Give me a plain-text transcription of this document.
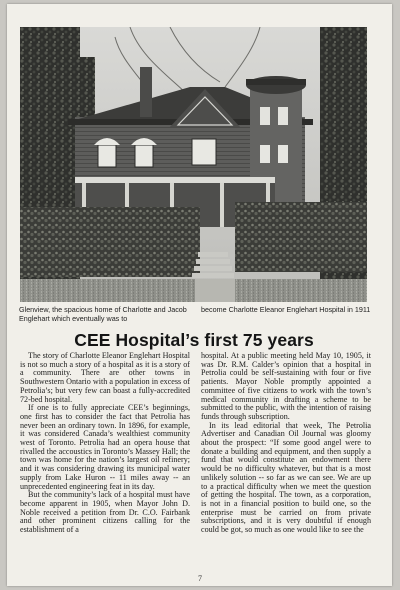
Glenview, the spacious home of Charlotte and Jacob Englehart which eventually was to
become Charlotte Eleanor Englehart Hospital in 1911
CEE Hospital’s first 75 years

The story of Charlotte Eleanor Englehart Hospital is not so much a story of a hospital as it is a story of a community. There are other towns in Southwestern Ontario with a population in excess of Petrolia’s; but very few can boast a fully-accredited 72-bed hospital.

If one is to fully appreciate CEE’s beginnings, one first has to consider the fact that Petrolia has never been an ordinary town. In 1896, for example, it was considered Canada’s wealthiest community west of Toronto. Petrolia had an opera house that rivalled the accoustics in Toronto’s Massey Hall; the town was home for the nation’s largest oil refinery; and it was considering drawing its municipal water supply from Lake Huron -- 11 miles away -- an unprecedented engineering feat in its day.

But the community’s lack of a hospital must have become apparent in 1905, when Mayor John D. Noble received a petition from Dr. C.O. Fairbank and other prominent citizens calling for the establishment of a

hospital. At a public meeting held May 10, 1905, it was Dr. R.M. Calder’s opinion that a hospital in Petrolia could be self-sustaining with four or five patients. Mayor Noble promptly appointed a committee of five citizens to work with the town’s medical community in drafting a scheme to be submitted to the public, with the intention of raising funds through subscription.

In its lead editorial that week, The Petrolia Advertiser and Canadian Oil Journal was gloomy about the prospect: “If some good angel were to donate a building and equipment, and then supply a fund that would constitute an endowment there would be no difficulty whatever, but that is a most unlikely solution -- so far as we can see. We are up to a practical difficulty when we meet the question of getting the hospital. The town, as a corporation, is not in a financial position to build one, so the enterprise must be carried on from private subscriptions, and it is very doubtful if enough could be got, so much as one would like to see the

7
